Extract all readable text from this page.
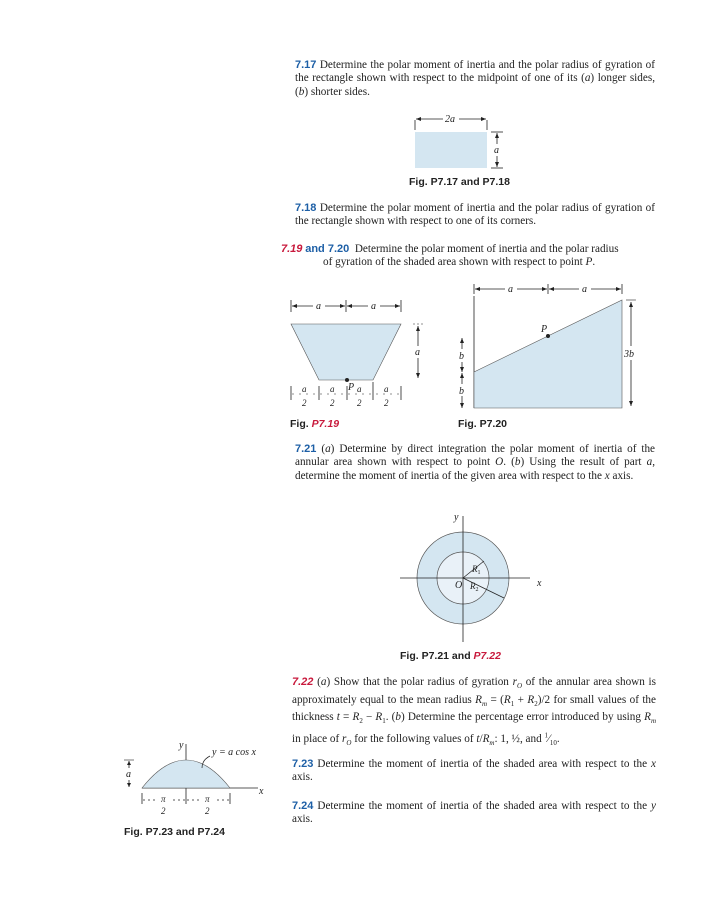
7.17 Determine the polar moment of inertia and the polar radius of gyration of the rectangle shown with respect to the midpoint of one of its (a) longer sides, (b) shorter sides.
2a
a
Fig. P7.17 and P7.18
7.18 Determine the polar moment of inertia and the polar radius of gyration of the rectangle shown with respect to one of its corners.
7.19 and 7.20  Determine the polar moment of inertia and the polar radius
of gyration of the shaded area shown with respect to point P.
a	a
P
a
a
2
a
2
a
2
a
2
Fig. P7.19
a	a
P
b
b
3b
Fig. P7.20
7.21 (a) Determine by direct integration the polar moment of inertia of the annular area shown with respect to point O. (b) Using the result of part a, determine the moment of inertia of the given area with respect to the x axis.
y
x
O
$R_1$
$R_2$
Fig. P7.21 and P7.22
7.22 (a) Show that the polar radius of gyration $r_O$ of the annular area shown is approximately equal to the mean radius $R_m = (R_1 + R_2)/2$ for small values of the thickness $t = R_2 - R_1$. (b) Determine the percentage error introduced by using $R_m$ in place of $r_O$ for the following values of $t/R_m$: 1, ½, and $^1⁄_{10}$.
y
x
y = a cos x
a
π
2
π
2
Fig. P7.23 and P7.24
7.23 Determine the moment of inertia of the shaded area with respect to the x axis.
7.24 Determine the moment of inertia of the shaded area with respect to the y axis.
